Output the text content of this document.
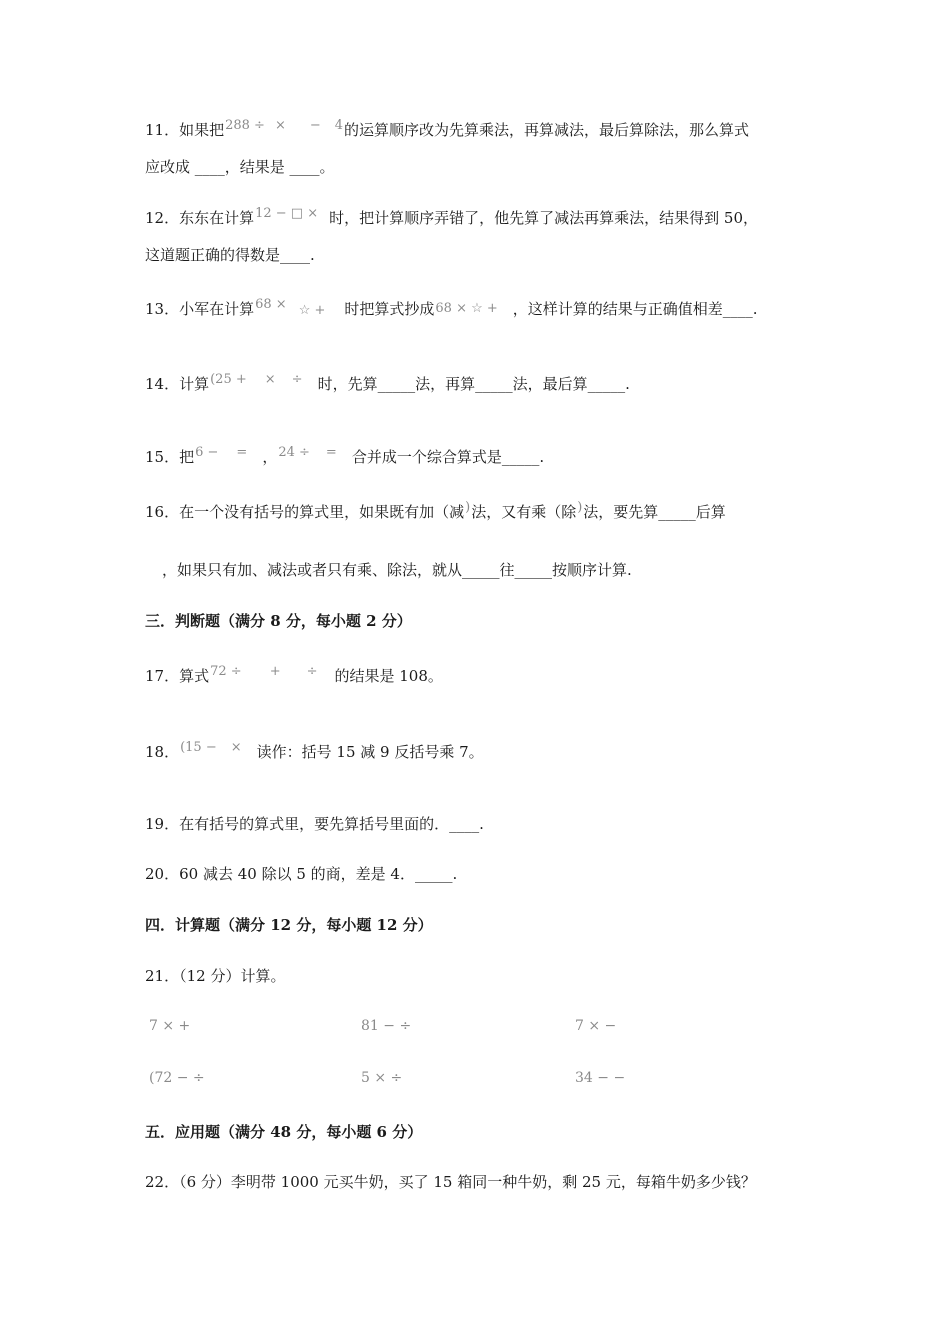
11．如果把288 ÷ × − 4的运算顺序改为先算乘法，再算减法，最后算除法，那么算式
应改成 ____，结果是 ____。
12．东东在计算12 − □ × 时，把计算顺序弄错了，他先算了减法再算乘法，结果得到 50，
这道题正确的得数是____.
13．小军在计算68 × ☆ + 时把算式抄成68 × ☆ + ，这样计算的结果与正确值相差____.
14．计算(25 + × ÷ 时，先算_____法，再算_____法，最后算_____.
15．把6 − = ，24 ÷ = 合并成一个综合算式是_____.
16．在一个没有括号的算式里，如果既有加（减)法，又有乘（除)法，要先算_____后算
，如果只有加、减法或者只有乘、除法，就从_____往_____按顺序计算.
三．判断题（满分 8 分，每小题 2 分）
17．算式72 ÷ + ÷ 的结果是 108。
18．(15 − × 读作：括号 15 减 9 反括号乘 7。
19．在有括号的算式里，要先算括号里面的．____.
20．60 减去 40 除以 5 的商，差是 4．_____.
四．计算题（满分 12 分，每小题 12 分）
21．（12 分）计算。
7 × +	81 − ÷	7 × −
(72 − ÷	5 × ÷	34 − −
五．应用题（满分 48 分，每小题 6 分）
22．（6 分）李明带 1000 元买牛奶，买了 15 箱同一种牛奶，剩 25 元，每箱牛奶多少钱？
